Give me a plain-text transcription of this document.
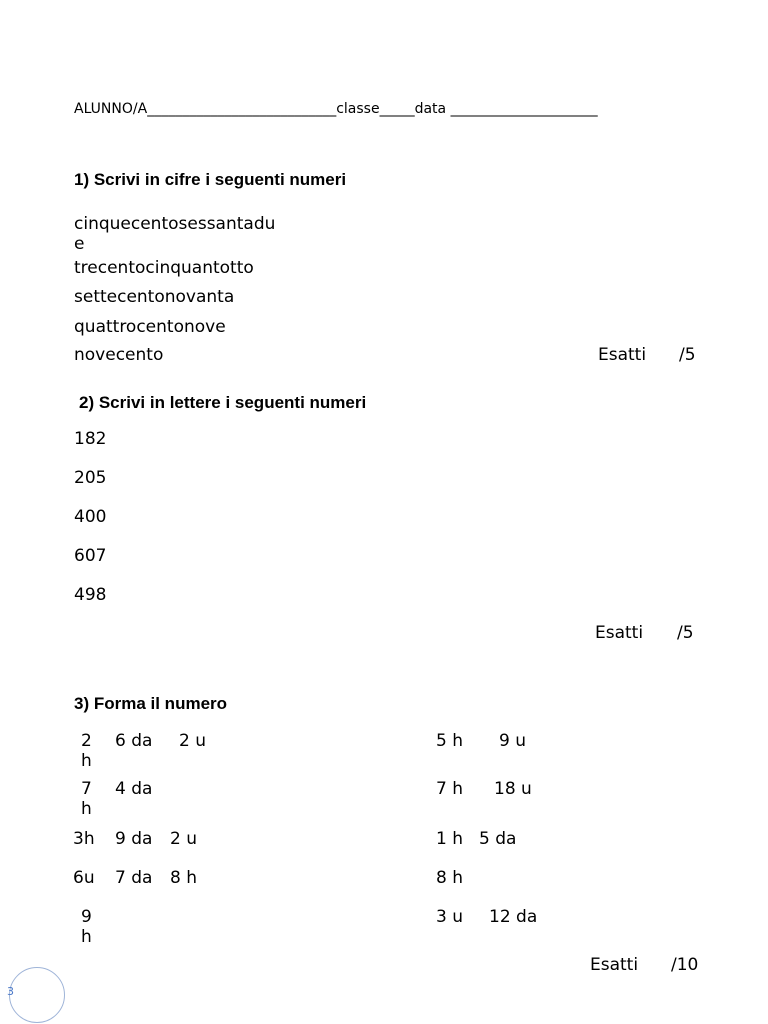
ALUNNO/A___________________________classe_____data _____________________
1) Scrivi in cifre i seguenti numeri
cinquecentosessantadue
trecentocinquantotto
settecentonovanta
quattrocentonove
novecento	Esatti /5
2) Scrivi in lettere i seguenti numeri
182
205
400
607
498
Esatti /5
3) Forma il numero
2 h
6 da 2 u
7 h
4 da
3h 9 da 2 u
6u 7 da 8 h
9 h
5 h 9 u
7 h 18 u
1 h 5 da
8 h
3 u 12 da
Esatti /10
3
